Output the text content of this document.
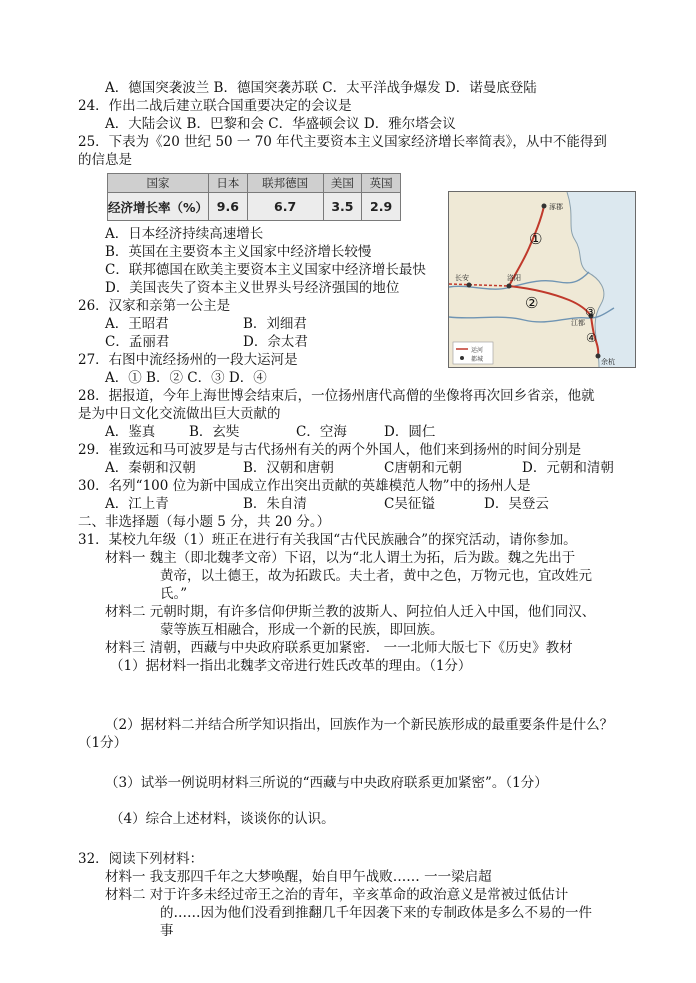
A．德国突袭波兰 B．德国突袭苏联 C．太平洋战争爆发 D．诺曼底登陆
24．作出二战后建立联合国重要决定的会议是
A．大陆会议 B．巴黎和会 C．华盛顿会议 D．雅尔塔会议
25．下表为《20 世纪 50 一 70 年代主要资本主义国家经济增长率简表》，从中不能得到
的信息是
国家	日本	联邦德国	美国	英国
经济增长率（%）	9.6	6.7	3.5	2.9
A．日本经济持续高速增长
B．英国在主要资本主义国家中经济增长较慢
C．联邦德国在欧美主要资本主义国家中经济增长最快
D．美国丧失了资本主义世界头号经济强国的地位
26．汉家和亲第一公主是
A．王昭君	B．刘细君
C．孟丽君	D．佘太君
27．右图中流经扬州的一段大运河是
A．① B．② C．③ D．④
涿郡
长安	洛阳
江都
余杭
①
②	③
④
运河
都城
28．据报道，今年上海世博会结束后，一位扬州唐代高僧的坐像将再次回乡省亲，他就
是为中日文化交流做出巨大贡献的
A．鉴真	B．玄奘	C．空海	D．圆仁
29．崔致远和马可波罗是与古代扬州有关的两个外国人，他们来到扬州的时间分别是
A．秦朝和汉朝	B．汉朝和唐朝	C唐朝和元朝	D．元朝和清朝
30．名列“100 位为新中国成立作出突出贡献的英雄模范人物”中的扬州人是
A．江上青	B．朱自清	C吴征镒	D．吴登云
二、非选择题（每小题 5 分，共 20 分。）
31．某校九年级（1）班正在进行有关我国“古代民族融合”的探究活动，请你参加。
材料一 魏主（即北魏孝文帝）下诏，以为“北人谓土为拓，后为跋。魏之先出于
黄帝，以土德王，故为拓跋氏。夫土者，黄中之色，万物元也，宜改姓元
氏。”
材料二 元朝时期，有许多信仰伊斯兰教的波斯人、阿拉伯人迁入中国，他们同汉、
蒙等族互相融合，形成一个新的民族，即回族。
材料三 清朝，西藏与中央政府联系更加紧密． 一一北师大版七下《历史》教材
（1）据材料一指出北魏孝文帝进行姓氏改革的理由。（1分）
（2）据材料二并结合所学知识指出，回族作为一个新民族形成的最重要条件是什么？
（1分）
（3）试举一例说明材料三所说的“西藏与中央政府联系更加紧密”。（1分）
（4）综合上述材料，谈谈你的认识。
32．阅读下列材料：
材料一 我支那四千年之大梦唤醒，始自甲午战败…… 一一梁启超
材料二 对于许多未经过帝王之治的青年，辛亥革命的政治意义是常被过低估计
的……因为他们没看到推翻几千年因袭下来的专制政体是多么不易的一件
事
